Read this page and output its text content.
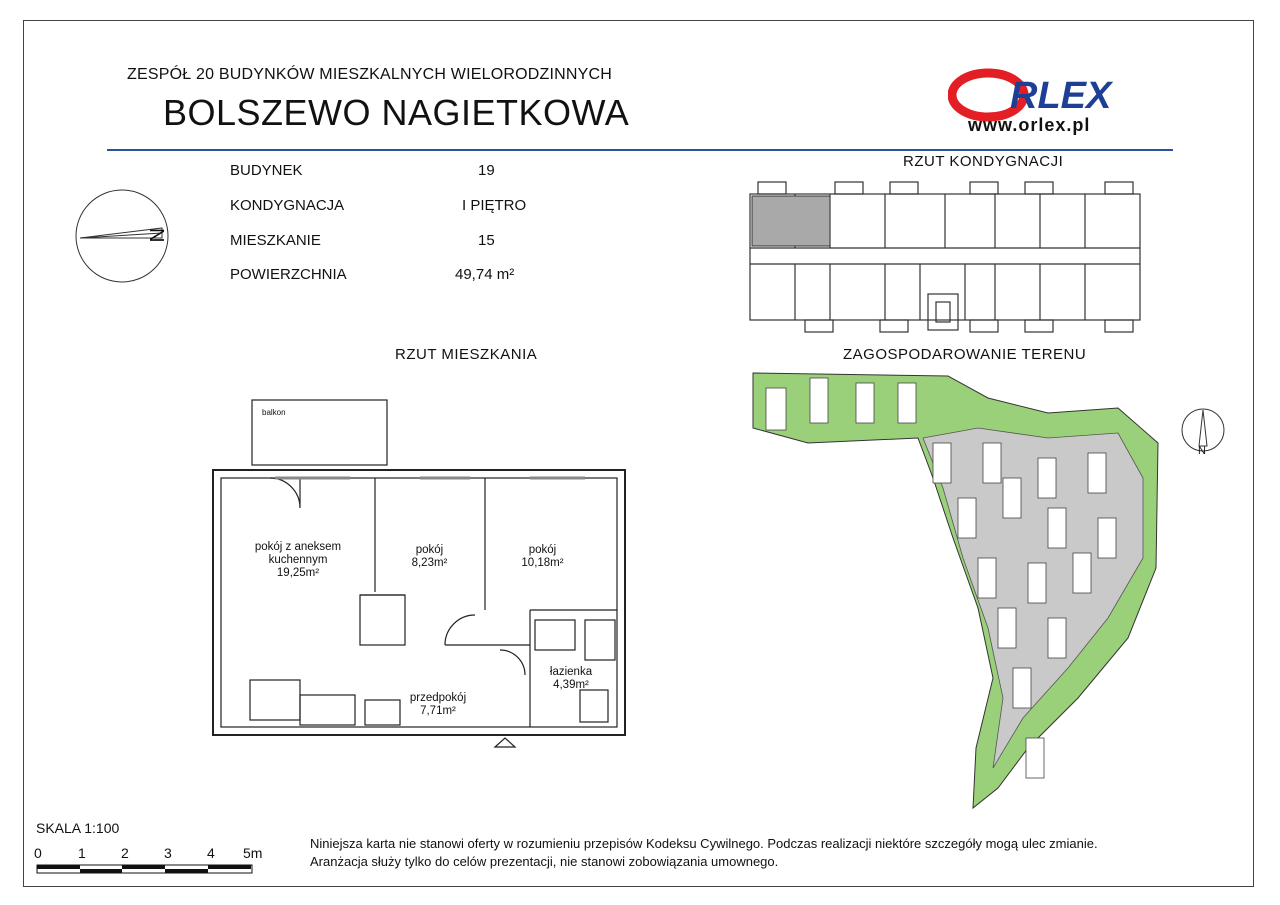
ZESPÓŁ 20 BUDYNKÓW MIESZKALNYCH WIELORODZINNYCH
BOLSZEWO NAGIETKOWA	RLEX
www.orlex.pl
N
BUDYNEK	19
KONDYGNACJA	I PIĘTRO
MIESZKANIE	15
POWIERZCHNIA	49,74 m²
RZUT KONDYGNACJI
RZUT MIESZKANIA	ZAGOSPODAROWANIE TERENU
N
balkon
pokój z aneksem kuchennym
19,25m²
pokój
8,23m²
pokój
10,18m²
łazienka
4,39m²
przedpokój
7,71m²
SKALA 1:100
0	1	2	3	4 5m
Niniejsza karta nie stanowi oferty w rozumieniu przepisów Kodeksu Cywilnego. Podczas realizacji niektóre szczegóły mogą ulec zmianie.
Aranżacja służy tylko do celów prezentacji, nie stanowi zobowiązania umownego.
